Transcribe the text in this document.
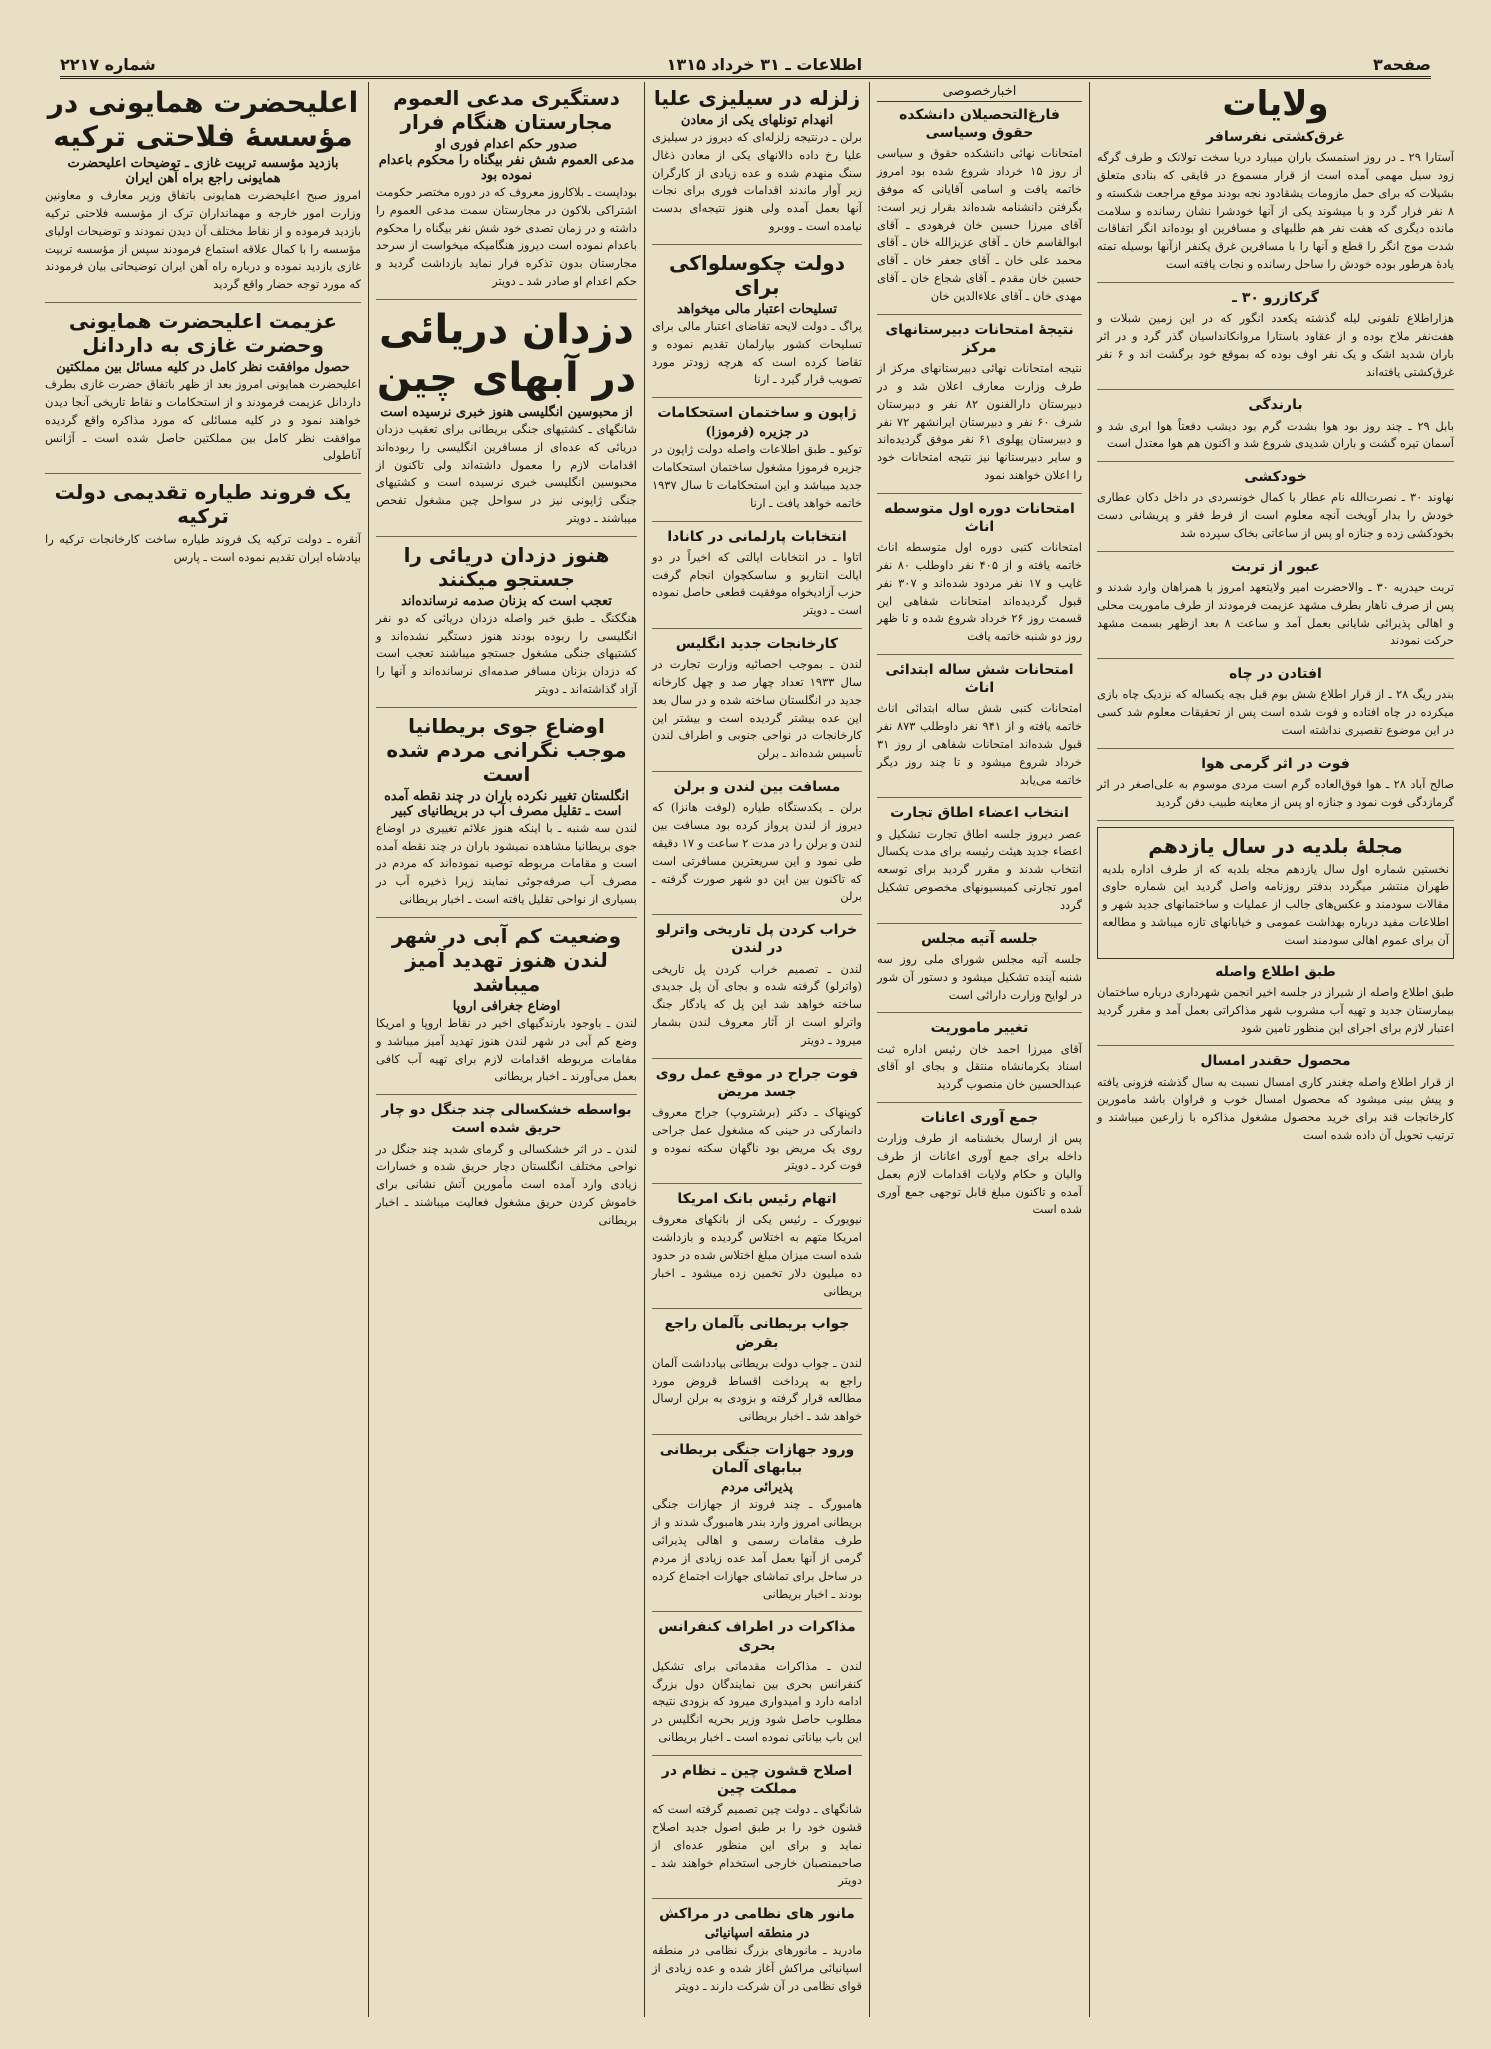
صفحه۳
اطلاعات ـ ۳۱ خرداد ۱۳۱۵
شماره ۲۲۱۷
ولایات
غرق‌کشتی نفرسافر

آستارا ۲۹ ـ در روز استمسک باران میبارد دریا سخت تولانک و طرف گرگه زود سیل مهمی آمده است از قرار مسموع در قایقی که بنادی متعلق بشیلات که برای حمل مازومات یشقادود نجه بودند موقع مراجعت شکسته و ۸ نفر فرار گرد و با میشوند یکی از آنها خودشرا نشان رسانده و سلامت مانده دیگری که هفت نفر هم طلبهای و مسافرین او بوده‌اند انگر اتفاقات شدت موج انگر را قطع و آنها را با مسافرین غرق یکنفر ازآنها بوسیله تمته یادهٔ هرطور بوده خودش را ساحل رسانده و نجات یافته است

گرکازرو ۳۰ ـ

هزاراطلاع تلفونی لیله گذشته یکعدد انگور که در این زمین شبلات و هفت‌نفر ملاح بوده و از عقاود باستارا مروانکانداسیان گذر گرد و در اثر باران شدید اشک و یک نفر اوف بوده که بموقع خود برگشت اند و ۶ نفر غرق‌کشتی یافته‌اند

بارندگی

بابل ۲۹ ـ چند روز بود هوا بشدت گرم بود دیشب دفعتاً هوا ابری شد و آسمان تیره گشت و باران شدیدی شروع شد و اکنون هم هوا معتدل است

خودکشی

نهاوند ۳۰ ـ نصرت‌الله نام عطار با کمال خونسردی در داخل دکان عطاری خودش را بدار آویخت آنچه معلوم است از فرط فقر و پریشانی دست بخودکشی زده و جنازه او پس از ساعاتی بخاک سپرده شد

عبور از تربت

تربت حیدریه ۳۰ ـ والاحضرت امیر ولایتعهد امروز با همراهان وارد شدند و پس از صرف ناهار بطرف مشهد عزیمت فرمودند از طرف ماموریت محلی و اهالی پذیرائی شایانی بعمل آمد و ساعت ۸ بعد ازظهر بسمت مشهد حرکت نمودند

افتادن در چاه

بندر ریگ ۲۸ ـ از قرار اطلاع شش بوم قبل بچه یکساله که نزدیک چاه بازی میکرده در چاه افتاده و فوت شده است پس از تحقیقات معلوم شد کسی در این موضوع تقصیری نداشته است

فوت در اثر گرمی هوا

صالح آباد ۲۸ ـ هوا فوق‌العاده گرم است مردی موسوم به علی‌اصغر در اثر گرمازدگی فوت نمود و جنازه او پس از معاینه طبیب دفن گردید

مجلهٔ بلدیه در سال یازدهم

نخستین شماره اول سال یازدهم مجله بلدیه که از طرف اداره بلدیه طهران منتشر میگردد بدفتر روزنامه واصل گردید این شماره حاوی مقالات سودمند و عکس‌های جالب از عملیات و ساختمانهای جدید شهر و اطلاعات مفید درباره بهداشت عمومی و خیابانهای تازه میباشد و مطالعه آن برای عموم اهالی سودمند است

طبق اطلاع واصله

طبق اطلاع واصله از شیراز در جلسه اخیر انجمن شهرداری درباره ساختمان بیمارستان جدید و تهیه آب مشروب شهر مذاکراتی بعمل آمد و مقرر گردید اعتبار لازم برای اجرای این منظور تامین شود

محصول حقندر امسال

از قرار اطلاع واصله چغندر کاری امسال نسبت به سال گذشته فزونی یافته و پیش بینی میشود که محصول امسال خوب و فراوان باشد مامورین کارخانجات قند برای خرید محصول مشغول مذاکره با زارعین میباشند و ترتیب تحویل آن داده شده است

اخبارخصوصی
فارغ‌التحصیلان دانشکده حقوق وسیاسی

امتحانات نهائی دانشکده حقوق و سیاسی از روز ۱۵ خرداد شروع شده بود امروز خاتمه یافت و اسامی آقایانی که موفق بگرفتن دانشنامه شده‌اند بقرار زیر است: آقای میرزا حسین خان فرهودی ـ آقای ابوالقاسم خان ـ آقای عزیزالله خان ـ آقای محمد علی خان ـ آقای جعفر خان ـ آقای حسین خان مقدم ـ آقای شجاع خان ـ آقای مهدی خان ـ آقای علاءالدین خان

نتیجهٔ امتحانات دبیرستانهای مرکز

نتیجه امتحانات نهائی دبیرستانهای مرکز از طرف وزارت معارف اعلان شد و در دبیرستان دارالفنون ۸۲ نفر و دبیرستان شرف ۶۰ نفر و دبیرستان ایرانشهر ۷۲ نفر و دبیرستان پهلوی ۶۱ نفر موفق گردیده‌اند و سایر دبیرستانها نیز نتیجه امتحانات خود را اعلان خواهند نمود

امتحانات دوره اول متوسطه اناث

امتحانات کتبی دوره اول متوسطه اناث خاتمه یافته و از ۴۰۵ نفر داوطلب ۸۰ نفر غایب و ۱۷ نفر مردود شده‌اند و ۳۰۷ نفر قبول گردیده‌اند امتحانات شفاهی این قسمت روز ۲۶ خرداد شروع شده و تا ظهر روز دو شنبه خاتمه یافت

امتحانات شش ساله ابتدائی اناث

امتحانات کتبی شش ساله ابتدائی اناث خاتمه یافته و از ۹۴۱ نفر داوطلب ۸۷۳ نفر قبول شده‌اند امتحانات شفاهی از روز ۳۱ خرداد شروع میشود و تا چند روز دیگر خاتمه می‌یابد

انتخاب اعضاء اطاق تجارت

عصر دیروز جلسه اطاق تجارت تشکیل و اعضاء جدید هیئت رئیسه برای مدت یکسال انتخاب شدند و مقرر گردید برای توسعه امور تجارتی کمیسیونهای مخصوص تشکیل گردد

جلسه آتیه مجلس

جلسه آتیه مجلس شورای ملی روز سه شنبه آینده تشکیل میشود و دستور آن شور در لوایح وزارت دارائی است

تغییر ماموریت

آقای میرزا احمد خان رئیس اداره ثبت اسناد بکرمانشاه منتقل و بجای او آقای عبدالحسین خان منصوب گردید

جمع آوری اعانات

پس از ارسال بخشنامه از طرف وزارت داخله برای جمع آوری اعانات از طرف والیان و حکام ولایات اقدامات لازم بعمل آمده و تاکنون مبلغ قابل توجهی جمع آوری شده است

زلزله در سیلیزی علیا
انهدام تونلهای یکی از معادن

برلن ـ درنتیجه زلزله‌ای که دیروز در سیلیزی علیا رخ داده دالانهای یکی از معادن ذغال سنگ منهدم شده و عده زیادی از کارگران زیر آوار ماندند اقدامات فوری برای نجات آنها بعمل آمده ولی هنوز نتیجه‌ای بدست نیامده است ـ ووبرو

دولت چکوسلواکی برای
تسلیحات اعتبار مالی میخواهد

پراگ ـ دولت لایحه تقاضای اعتبار مالی برای تسلیحات کشور بپارلمان تقدیم نموده و تقاضا کرده است که هرچه زودتر مورد تصویب قرار گیرد ـ ارنا

ژاپون و ساختمان استحکامات
در جزیره (فرموزا)

توکیو ـ طبق اطلاعات واصله دولت ژاپون در جزیره فرموزا مشغول ساختمان استحکامات جدید میباشد و این استحکامات تا سال ۱۹۳۷ خاتمه خواهد یافت ـ ارنا

انتخابات پارلمانی در کانادا

اتاوا ـ در انتخابات ایالتی که اخیراً در دو ایالت انتاریو و ساسکچوان انجام گرفت حزب آزادیخواه موفقیت قطعی حاصل نموده است ـ دویتر

کارخانجات جدید انگلیس

لندن ـ بموجب احصائیه وزارت تجارت در سال ۱۹۳۳ تعداد چهار صد و چهل کارخانه جدید در انگلستان ساخته شده و در سال بعد این عده بیشتر گردیده است و بیشتر این کارخانجات در نواحی جنوبی و اطراف لندن تأسیس شده‌اند ـ برلن

مسافت بین لندن و برلن

برلن ـ یکدستگاه طیاره (لوفت هانزا) که دیروز از لندن پرواز کرده بود مسافت بین لندن و برلن را در مدت ۲ ساعت و ۱۷ دقیقه طی نمود و این سریعترین مسافرتی است که تاکنون بین این دو شهر صورت گرفته ـ برلن

خراب کردن پل تاریخی واترلو در لندن

لندن ـ تصمیم خراب کردن پل تاریخی (واترلو) گرفته شده و بجای آن پل جدیدی ساخته خواهد شد این پل که یادگار جنگ واترلو است از آثار معروف لندن بشمار میرود ـ دویتر

فوت جراح در موقع عمل روی جسد مریض

کوپنهاک ـ دکتر (برشتروپ) جراح معروف دانمارکی در حینی که مشغول عمل جراحی روی یک مریض بود ناگهان سکته نموده و فوت کرد ـ دویتر

اتهام رئیس بانک امریکا

نیویورک ـ رئیس یکی از بانکهای معروف امریکا متهم به اختلاس گردیده و بازداشت شده است میزان مبلغ اختلاس شده در حدود ده میلیون دلار تخمین زده میشود ـ اخبار بریطانی

جواب بریطانی بآلمان راجع بقرض

لندن ـ جواب دولت بریطانی بیادداشت آلمان راجع به پرداخت اقساط قروض مورد مطالعه قرار گرفته و بزودی به برلن ارسال خواهد شد ـ اخبار بریطانی

ورود جهازات جنگی بریطانی ببابهای آلمان
پذیرائی مردم

هامبورگ ـ چند فروند از جهازات جنگی بریطانی امروز وارد بندر هامبورگ شدند و از طرف مقامات رسمی و اهالی پذیرائی گرمی از آنها بعمل آمد عده زیادی از مردم در ساحل برای تماشای جهازات اجتماع کرده بودند ـ اخبار بریطانی

مذاکرات در اطراف کنفرانس بحری

لندن ـ مذاکرات مقدماتی برای تشکیل کنفرانس بحری بین نمایندگان دول بزرگ ادامه دارد و امیدواری میرود که بزودی نتیجه مطلوب حاصل شود وزیر بحریه انگلیس در این باب بیاناتی نموده است ـ اخبار بریطانی

اصلاح قشون چین ـ نظام در مملکت چین

شانگهای ـ دولت چین تصمیم گرفته است که قشون خود را بر طبق اصول جدید اصلاح نماید و برای این منظور عده‌ای از صاحبمنصبان خارجی استخدام خواهند شد ـ دویتر

مانور های نظامی در مراکش
در منطقه اسپانیائی

مادرید ـ مانورهای بزرگ نظامی در منطقه اسپانیائی مراکش آغاز شده و عده زیادی از قوای نظامی در آن شرکت دارند ـ دویتر

دستگیری مدعی العموم مجارستان هنگام فرار
صدور حکم اعدام فوری او
مدعی العموم شش نفر بیگناه را محکوم باعدام نموده بود

بوداپست ـ بلاکاروز معروف که در دوره مختصر حکومت اشتراکی بلاکون در مجارستان سمت مدعی العموم را داشته و در زمان تصدی خود شش نفر بیگناه را محکوم باعدام نموده است دیروز هنگامیکه میخواست از سرحد مجارستان بدون تذکره فرار نماید بازداشت گردید و حکم اعدام او صادر شد ـ دویتر

دزدان دریائی در آبهای چین
از محبوسین انگلیسی هنوز خبری نرسیده است

شانگهای ـ کشتیهای جنگی بریطانی برای تعقیب دزدان دریائی که عده‌ای از مسافرین انگلیسی را ربوده‌اند اقدامات لازم را معمول داشته‌اند ولی تاکنون از محبوسین انگلیسی خبری نرسیده است و کشتیهای جنگی ژاپونی نیز در سواحل چین مشغول تفحص میباشند ـ دویتر

هنوز دزدان دریائی را جستجو میکنند
تعجب است که بزنان صدمه نرسانده‌اند

هنگکنگ ـ طبق خبر واصله دزدان دریائی که دو نفر انگلیسی را ربوده بودند هنوز دستگیر نشده‌اند و کشتیهای جنگی مشغول جستجو میباشند تعجب است که دزدان بزنان مسافر صدمه‌ای نرسانده‌اند و آنها را آزاد گذاشته‌اند ـ دویتر

اوضاع جوی بریطانیا موجب نگرانی مردم شده است
انگلستان تغییر نکرده باران در چند نقطه آمده است ـ تقلیل مصرف آب در بریطانیای کبیر

لندن سه شنبه ـ با اینکه هنوز علائم تغییری در اوضاع جوی بریطانیا مشاهده نمیشود باران در چند نقطه آمده است و مقامات مربوطه توصیه نموده‌اند که مردم در مصرف آب صرفه‌جوئی نمایند زیرا ذخیره آب در بسیاری از نواحی تقلیل یافته است ـ اخبار بریطانی

وضعیت کم آبی در شهر لندن هنوز تهدید آمیز میباشد
اوضاع جغرافی اروپا

لندن ـ باوجود بارندگیهای اخیر در نقاط اروپا و امریکا وضع کم آبی در شهر لندن هنوز تهدید آمیز میباشد و مقامات مربوطه اقدامات لازم برای تهیه آب کافی بعمل می‌آورند ـ اخبار بریطانی

بواسطه خشکسالی چند جنگل دو چار حریق شده است

لندن ـ در اثر خشکسالی و گرمای شدید چند جنگل در نواحی مختلف انگلستان دچار حریق شده و خسارات زیادی وارد آمده است مأمورین آتش نشانی برای خاموش کردن حریق مشغول فعالیت میباشند ـ اخبار بریطانی

اعلیحضرت همایونی در مؤسسهٔ فلاحتی ترکیه
بازدید مؤسسه تربیت غازی ـ توضیحات اعلیحضرت همایونی راجع براه آهن ایران

امروز صبح اعلیحضرت همایونی باتفاق وزیر معارف و معاونین وزارت امور خارجه و مهمانداران ترک از مؤسسه فلاحتی ترکیه بازدید فرموده و از نقاط مختلف آن دیدن نمودند و توضیحات اولیای مؤسسه را با کمال علاقه استماع فرمودند سپس از مؤسسه تربیت غازی بازدید نموده و درباره راه آهن ایران توضیحاتی بیان فرمودند که مورد توجه حضار واقع گردید

عزیمت اعلیحضرت همایونی وحضرت غازی به داردانل
حصول موافقت نظر کامل در کلیه مسائل بین مملکتین

اعلیحضرت همایونی امروز بعد از ظهر باتفاق حضرت غازی بطرف داردانل عزیمت فرمودند و از استحکامات و نقاط تاریخی آنجا دیدن خواهند نمود و در کلیه مسائلی که مورد مذاکره واقع گردیده موافقت نظر کامل بین مملکتین حاصل شده است ـ آژانس آناطولی

یک فروند طیاره تقدیمی دولت ترکیه

آنقره ـ دولت ترکیه یک فروند طیاره ساخت کارخانجات ترکیه را بپادشاه ایران تقدیم نموده است ـ پارس
